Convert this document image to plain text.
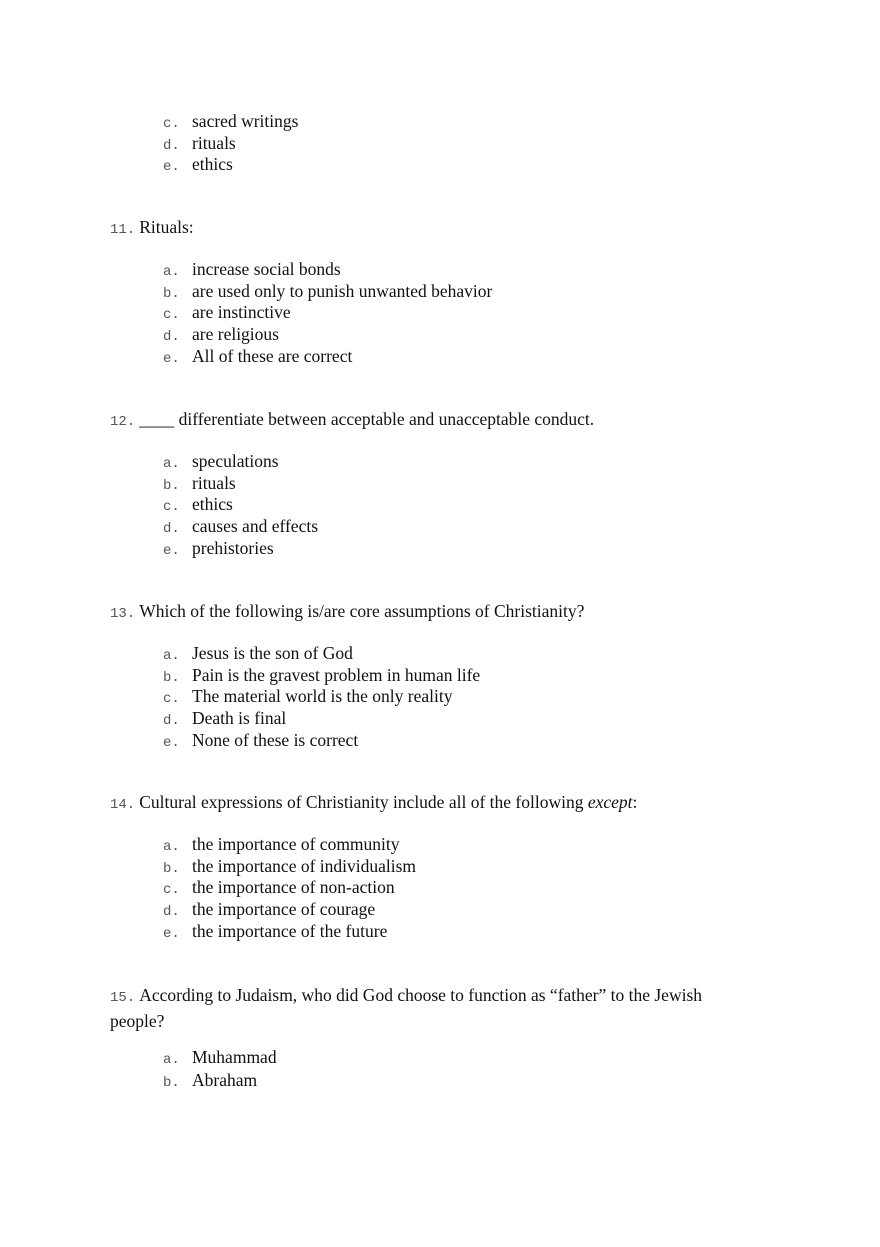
c. sacred writings
d. rituals
e. ethics
11. Rituals:
a. increase social bonds
b. are used only to punish unwanted behavior
c. are instinctive
d. are religious
e. All of these are correct
12. ____ differentiate between acceptable and unacceptable conduct.
a. speculations
b. rituals
c. ethics
d. causes and effects
e. prehistories
13. Which of the following is/are core assumptions of Christianity?
a. Jesus is the son of God
b. Pain is the gravest problem in human life
c. The material world is the only reality
d. Death is final
e. None of these is correct
14. Cultural expressions of Christianity include all of the following except:
a. the importance of community
b. the importance of individualism
c. the importance of non-action
d. the importance of courage
e. the importance of the future
15. According to Judaism, who did God choose to function as “father” to the Jewish people?
a. Muhammad
b. Abraham
